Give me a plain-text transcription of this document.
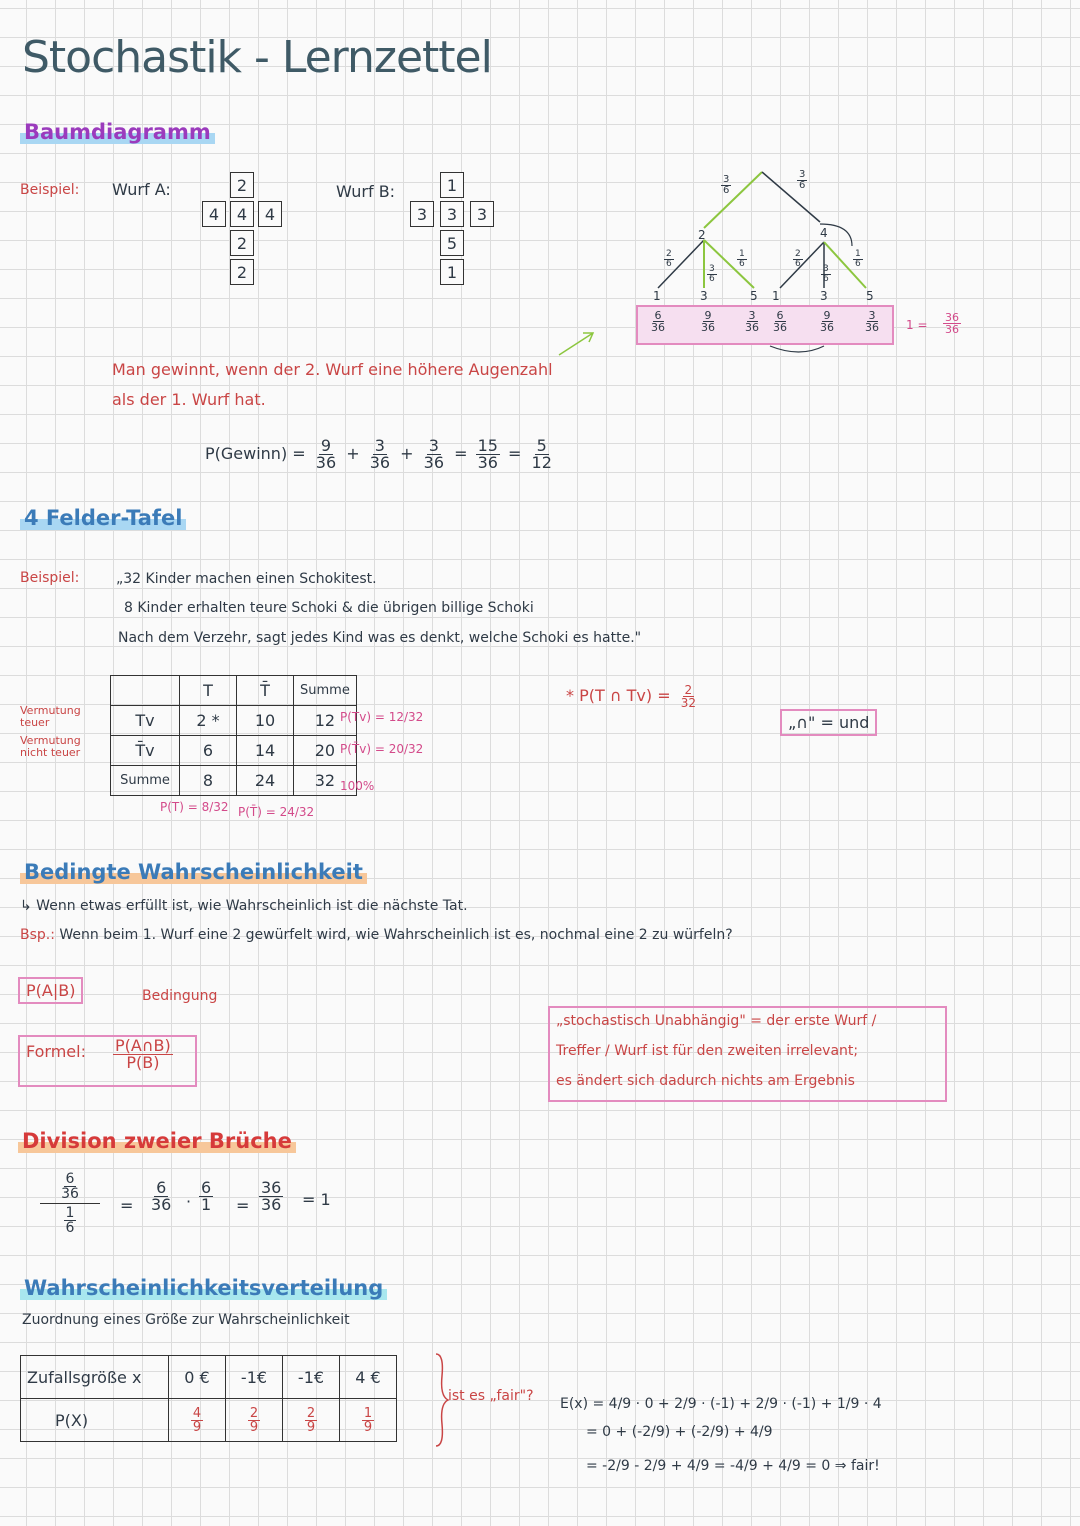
Stochastik - Lernzettel
Baumdiagramm
Beispiel: Wurf A:	Wurf B:
2
4	4	4
2
2
1
3	3	3
5
1
$\frac{3}{6}$	$\frac{3}{6}$
2	4
$\frac{2}{6}$
$\frac{3}{6}$
$\frac{1}{6}$	$\frac{2}{6}$
$\frac{3}{6}$
$\frac{1}{6}$
1	3	5 1	3	5
$\frac{6}{36}$	$\frac{9}{36} \frac{3}{36} \frac{6}{36}$	$\frac{9}{36} \frac{3}{36} 1 = \frac{36}{36}$
Man gewinnt, wenn der 2. Wurf eine höhere Augenzahl
als der 1. Wurf hat.
P(Gewinn) = $\frac{9}{36} + \frac{3}{36} + \frac{3}{36} = \frac{15}{36} = \frac{5}{12}$
4 Felder-Tafel
Beispiel:	„32 Kinder machen einen Schokitest.
8 Kinder erhalten teure Schoki & die übrigen billige Schoki
Nach dem Verzehr, sagt jedes Kind was es denkt, welche Schoki es hatte."
Vermutung teuer
Vermutung nicht teuer
	T	T̄	Summe
Tv	2 *	10	12
T̄v	6	14	20
Summe	8	24	32
P(Tv) = 12/32
P(T̄v) = 20/32
100%
P(T) = 8/32 P(T̄) = 24/32
* P(T ∩ $Tv) = \frac{2}{32}$
„∩" = und
Bedingte Wahrscheinlichkeit
↳ Wenn etwas erfüllt ist, wie Wahrscheinlich ist die nächste Tat.
Bsp.: Wenn beim 1. Wurf eine 2 gewürfelt wird, wie Wahrscheinlich ist es, nochmal eine 2 zu würfeln?
P(A|B)	Bedingung
Formel: $\frac{P(A\cap B)}{P(B)}$
„stochastisch Unabhängig" = der erste Wurf /
Treffer / Wurf ist für den zweiten irrelevant;
es ändert sich dadurch nichts am Ergebnis
Division zweier Brüche
$\frac{6}{36}$
$\frac{1}{6}$
= $\frac{6}{36} \cdot \frac{6}{1} = \frac{36}{36} = 1$
Wahrscheinlichkeitsverteilung
Zuordnung eines Größe zur Wahrscheinlichkeit
Zufallsgröße x	0 €	-1€	-1€	4 €
P(X)	$\frac{4}{9}$	$\frac{2}{9}$	$\frac{2}{9}$	$\frac{1}{9}$
ist es „fair"? E(x) = 4/9 · 0 + 2/9 · (-1) + 2/9 · (-1) + 1/9 · 4
= 0 + (-2/9) + (-2/9) + 4/9
= -2/9 - 2/9 + 4/9 = -4/9 + 4/9 = 0 ⇒ fair!
